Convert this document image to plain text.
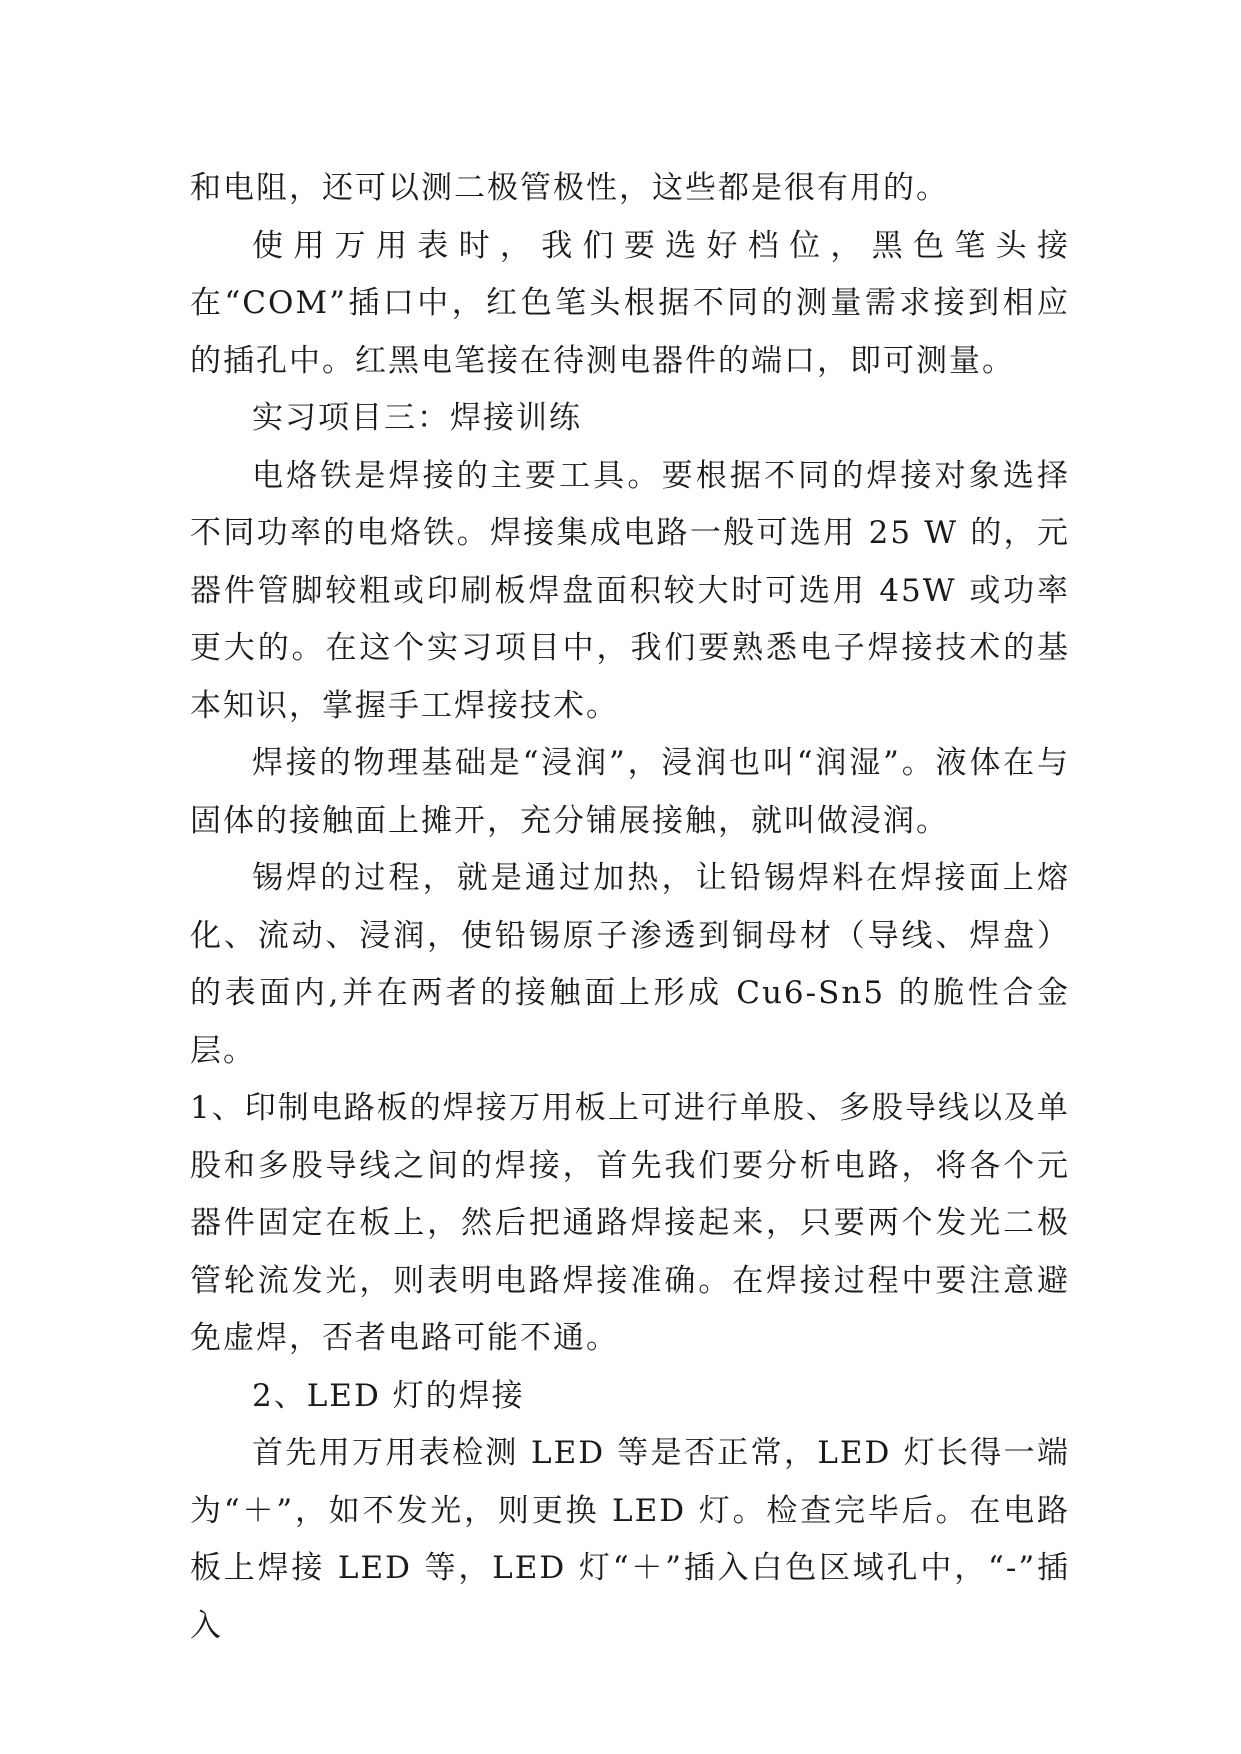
和电阻，还可以测二极管极性，这些都是很有用的。

使用万用表时，我们要选好档位，黑色笔头接在“COM”插口中，红色笔头根据不同的测量需求接到相应的插孔中。红黑电笔接在待测电器件的端口，即可测量。

实习项目三：焊接训练

电烙铁是焊接的主要工具。要根据不同的焊接对象选择不同功率的电烙铁。焊接集成电路一般可选用 25 W 的，元器件管脚较粗或印刷板焊盘面积较大时可选用 45W 或功率更大的。在这个实习项目中，我们要熟悉电子焊接技术的基本知识，掌握手工焊接技术。

焊接的物理基础是“浸润”，浸润也叫“润湿”。液体在与固体的接触面上摊开，充分铺展接触，就叫做浸润。

锡焊的过程，就是通过加热，让铅锡焊料在焊接面上熔化、流动、浸润，使铅锡原子渗透到铜母材（导线、焊盘）的表面内,并在两者的接触面上形成 Cu6-Sn5 的脆性合金层。

1、印制电路板的焊接万用板上可进行单股、多股导线以及单股和多股导线之间的焊接，首先我们要分析电路，将各个元器件固定在板上，然后把通路焊接起来，只要两个发光二极管轮流发光，则表明电路焊接准确。在焊接过程中要注意避免虚焊，否者电路可能不通。

2、LED 灯的焊接

首先用万用表检测 LED 等是否正常，LED 灯长得一端为“＋”，如不发光，则更换 LED 灯。检查完毕后。在电路板上焊接 LED 等，LED 灯“＋”插入白色区域孔中，“-”插入
